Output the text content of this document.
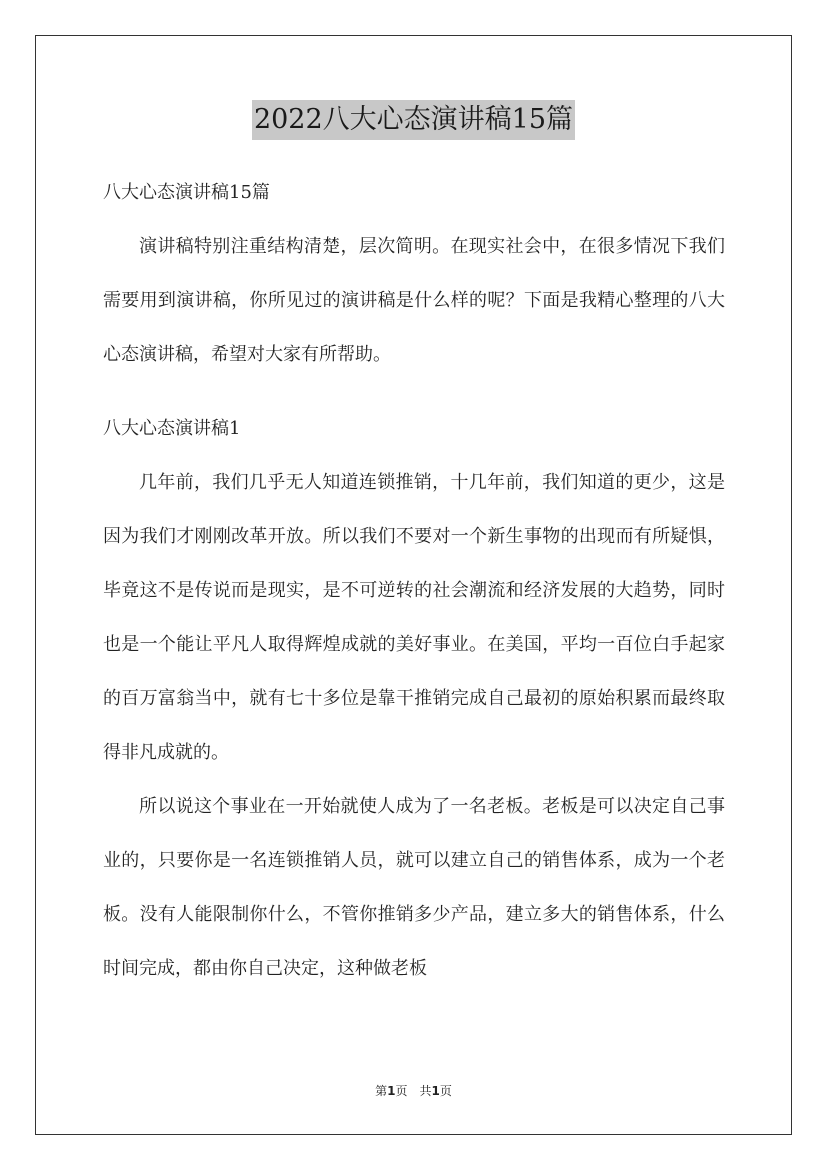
2022八大心态演讲稿15篇

八大心态演讲稿15篇

演讲稿特别注重结构清楚，层次简明。在现实社会中，在很多情况下我们需要用到演讲稿，你所见过的演讲稿是什么样的呢？下面是我精心整理的八大心态演讲稿，希望对大家有所帮助。

八大心态演讲稿1

几年前，我们几乎无人知道连锁推销，十几年前，我们知道的更少，这是因为我们才刚刚改革开放。所以我们不要对一个新生事物的出现而有所疑惧，毕竟这不是传说而是现实，是不可逆转的社会潮流和经济发展的大趋势，同时也是一个能让平凡人取得辉煌成就的美好事业。在美国，平均一百位白手起家的百万富翁当中，就有七十多位是靠干推销完成自己最初的原始积累而最终取得非凡成就的。

所以说这个事业在一开始就使人成为了一名老板。老板是可以决定自己事业的，只要你是一名连锁推销人员，就可以建立自己的销售体系，成为一个老板。没有人能限制你什么，不管你推销多少产品，建立多大的销售体系，什么时间完成，都由你自己决定，这种做老板

第1页　共1页
